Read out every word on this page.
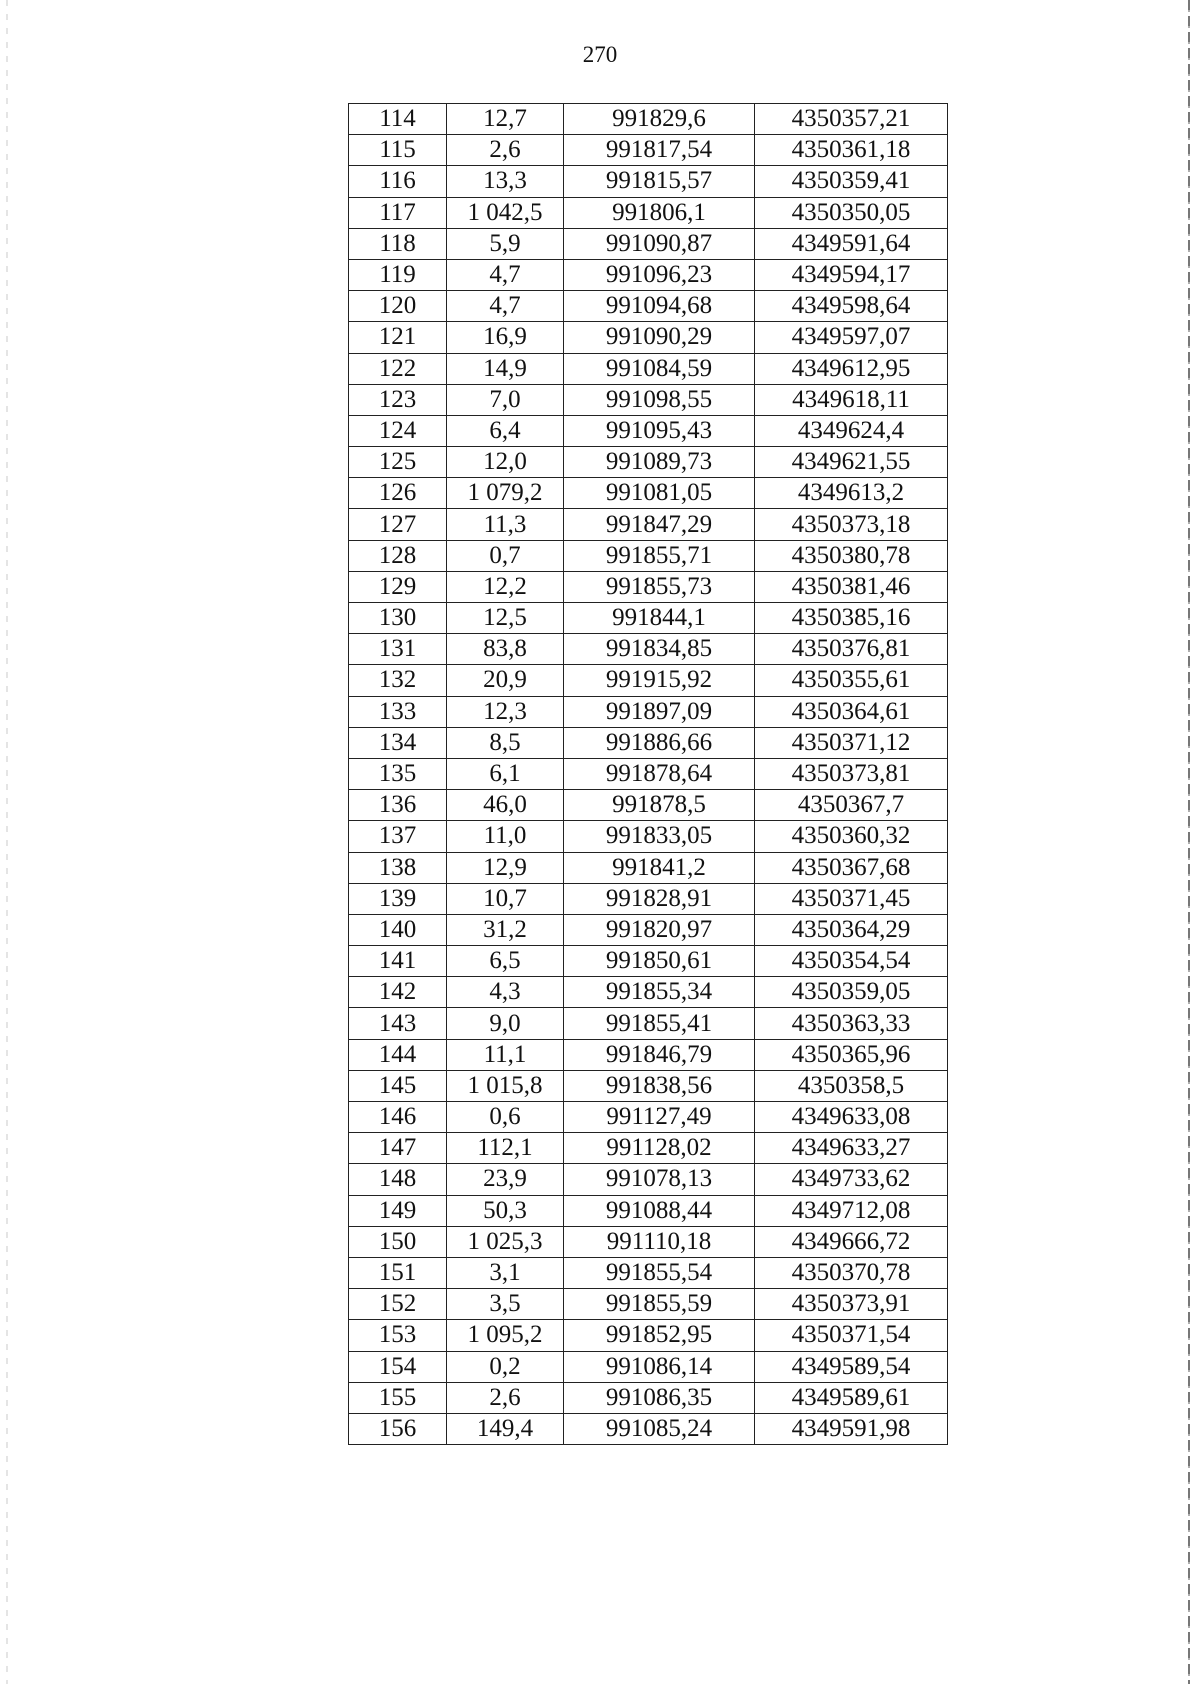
270
114	12,7	991829,6	4350357,21
115	2,6	991817,54	4350361,18
116	13,3	991815,57	4350359,41
117	1 042,5	991806,1	4350350,05
118	5,9	991090,87	4349591,64
119	4,7	991096,23	4349594,17
120	4,7	991094,68	4349598,64
121	16,9	991090,29	4349597,07
122	14,9	991084,59	4349612,95
123	7,0	991098,55	4349618,11
124	6,4	991095,43	4349624,4
125	12,0	991089,73	4349621,55
126	1 079,2	991081,05	4349613,2
127	11,3	991847,29	4350373,18
128	0,7	991855,71	4350380,78
129	12,2	991855,73	4350381,46
130	12,5	991844,1	4350385,16
131	83,8	991834,85	4350376,81
132	20,9	991915,92	4350355,61
133	12,3	991897,09	4350364,61
134	8,5	991886,66	4350371,12
135	6,1	991878,64	4350373,81
136	46,0	991878,5	4350367,7
137	11,0	991833,05	4350360,32
138	12,9	991841,2	4350367,68
139	10,7	991828,91	4350371,45
140	31,2	991820,97	4350364,29
141	6,5	991850,61	4350354,54
142	4,3	991855,34	4350359,05
143	9,0	991855,41	4350363,33
144	11,1	991846,79	4350365,96
145	1 015,8	991838,56	4350358,5
146	0,6	991127,49	4349633,08
147	112,1	991128,02	4349633,27
148	23,9	991078,13	4349733,62
149	50,3	991088,44	4349712,08
150	1 025,3	991110,18	4349666,72
151	3,1	991855,54	4350370,78
152	3,5	991855,59	4350373,91
153	1 095,2	991852,95	4350371,54
154	0,2	991086,14	4349589,54
155	2,6	991086,35	4349589,61
156	149,4	991085,24	4349591,98
